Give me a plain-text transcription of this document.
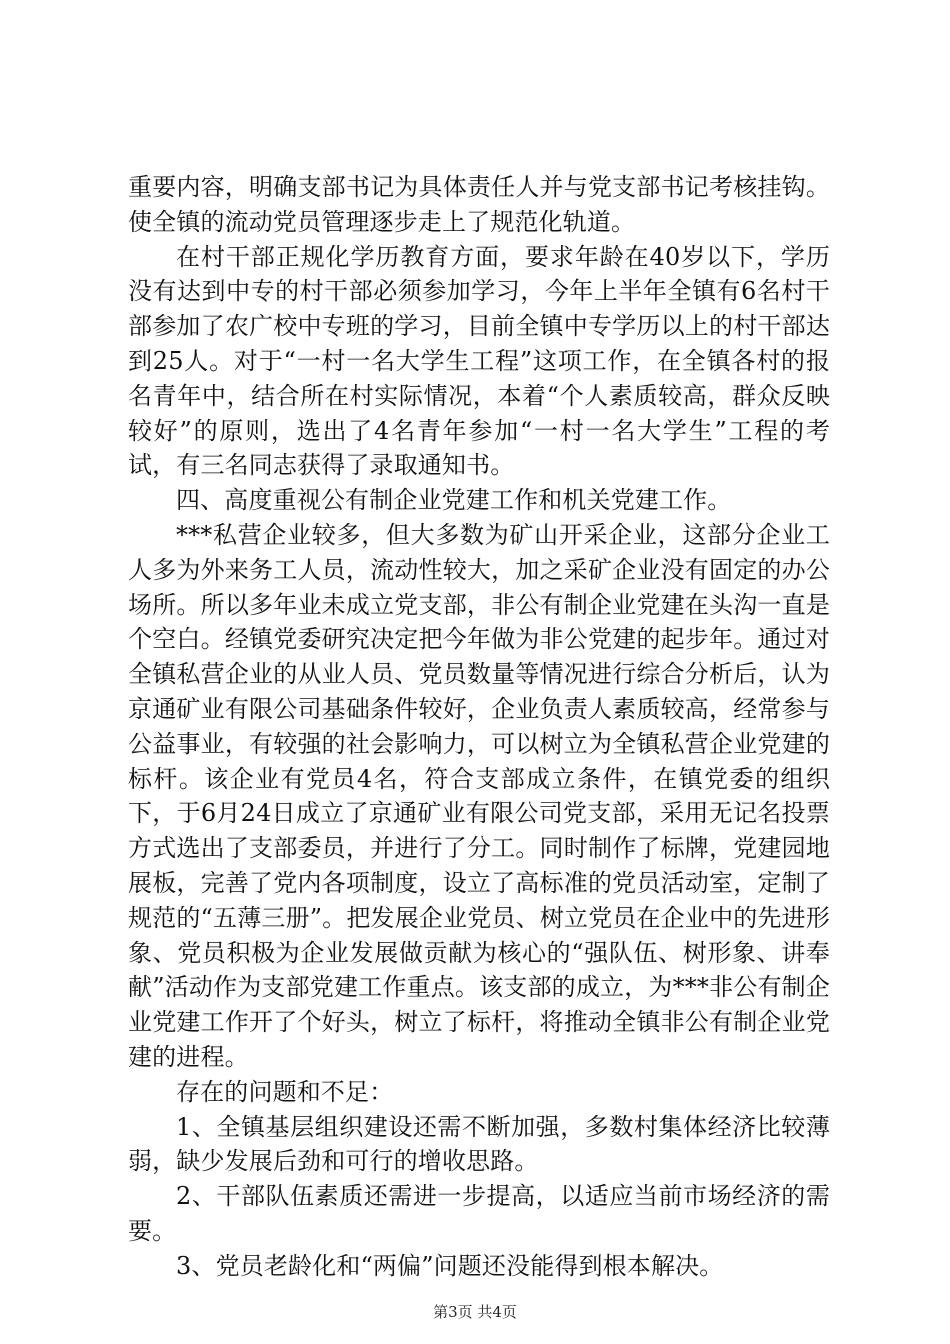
重要内容，明确支部书记为具体责任人并与党支部书记考核挂钩。使全镇的流动党员管理逐步走上了规范化轨道。

在村干部正规化学历教育方面，要求年龄在40岁以下，学历没有达到中专的村干部必须参加学习，今年上半年全镇有6名村干部参加了农广校中专班的学习，目前全镇中专学历以上的村干部达到25人。对于“一村一名大学生工程”这项工作，在全镇各村的报名青年中，结合所在村实际情况，本着“个人素质较高，群众反映较好”的原则，选出了4名青年参加“一村一名大学生”工程的考试，有三名同志获得了录取通知书。

四、高度重视公有制企业党建工作和机关党建工作。

***私营企业较多，但大多数为矿山开采企业，这部分企业工人多为外来务工人员，流动性较大，加之采矿企业没有固定的办公场所。所以多年业未成立党支部，非公有制企业党建在头沟一直是个空白。经镇党委研究决定把今年做为非公党建的起步年。通过对全镇私营企业的从业人员、党员数量等情况进行综合分析后，认为京通矿业有限公司基础条件较好，企业负责人素质较高，经常参与公益事业，有较强的社会影响力，可以树立为全镇私营企业党建的标杆。该企业有党员4名，符合支部成立条件，在镇党委的组织下，于6月24日成立了京通矿业有限公司党支部，采用无记名投票方式选出了支部委员，并进行了分工。同时制作了标牌，党建园地展板，完善了党内各项制度，设立了高标准的党员活动室，定制了规范的“五薄三册”。把发展企业党员、树立党员在企业中的先进形象、党员积极为企业发展做贡献为核心的“强队伍、树形象、讲奉献”活动作为支部党建工作重点。该支部的成立，为***非公有制企业党建工作开了个好头，树立了标杆，将推动全镇非公有制企业党建的进程。

存在的问题和不足：

1、全镇基层组织建设还需不断加强，多数村集体经济比较薄弱，缺少发展后劲和可行的增收思路。

2、干部队伍素质还需进一步提高，以适应当前市场经济的需要。

3、党员老龄化和“两偏”问题还没能得到根本解决。

第3页 共4页
